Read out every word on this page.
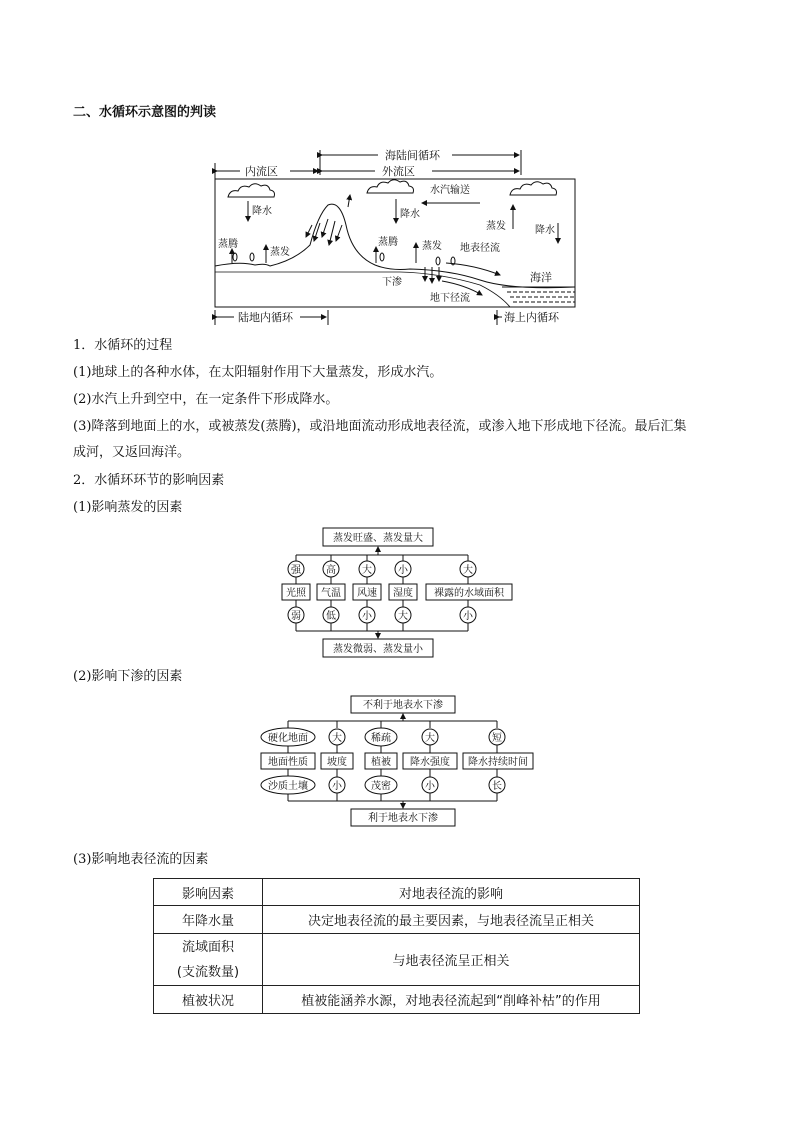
二、水循环示意图的判读
海陆间循环
内流区	外流区
降水	降水
降水
水汽输送
蒸发
海洋
蒸腾
蒸发
蒸腾 蒸发 地表径流
下渗
地下径流
陆地内循环	海上内循环
1．水循环的过程
(1)地球上的各种水体，在太阳辐射作用下大量蒸发，形成水汽。
(2)水汽上升到空中，在一定条件下形成降水。
(3)降落到地面上的水，或被蒸发(蒸腾)，或沿地面流动形成地表径流，或渗入地下形成地下径流。最后汇集
成河，又返回海洋。
2．水循环环节的影响因素
(1)影响蒸发的因素
蒸发旺盛、蒸发量大
强	高	大	小	大
光照 气温 风速 湿度 裸露的水域面积
弱	低	小	大	小
蒸发微弱、蒸发量小
(2)影响下渗的因素
不利于地表水下渗
硬化地面 大	稀疏	大	短
地面性质 坡度 植被 降水强度 降水持续时间
沙质土壤 小	茂密	小	长
利于地表水下渗
(3)影响地表径流的因素
影响因素	对地表径流的影响
年降水量	决定地表径流的最主要因素，与地表径流呈正相关

流域面积
(支流数量)	与地表径流呈正相关
植被状况	植被能涵养水源，对地表径流起到“削峰补枯”的作用
